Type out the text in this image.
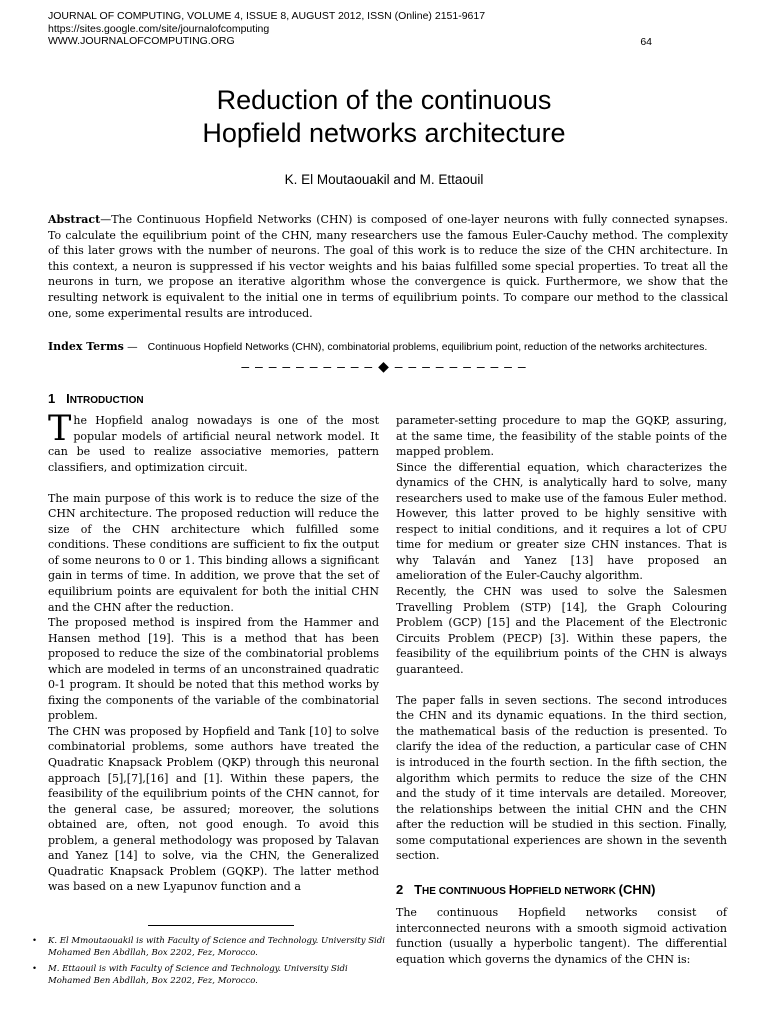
JOURNAL OF COMPUTING, VOLUME 4, ISSUE 8, AUGUST 2012, ISSN (Online) 2151-9617
https://sites.google.com/site/journalofcomputing
WWW.JOURNALOFCOMPUTING.ORG	64
Reduction of the continuous
Hopfield networks architecture
K. El Moutaouakil and M. Ettaouil
Abstract—The Continuous Hopfield Networks (CHN) is composed of one-layer neurons with fully connected synapses. To calculate the equilibrium point of the CHN, many researchers use the famous Euler-Cauchy method. The complexity of this later grows with the number of neurons. The goal of this work is to reduce the size of the CHN architecture. In this context, a neuron is suppressed if his vector weights and his baias fulfilled some special properties. To treat all the neurons in turn, we propose an iterative algorithm whose the convergence is quick. Furthermore, we show that the resulting network is equivalent to the initial one in terms of equilibrium points. To compare our method to the classical one, some experimental results are introduced.
Index Terms — Continuous Hopfield Networks (CHN), combinatorial problems, equilibrium point, reduction of the networks architectures.
– – – – – – – – – – ◆ – – – – – – – – – –
1 INTRODUCTION

The Hopfield analog nowadays is one of the most popular models of artificial neural network model. It can be used to realize associative memories, pattern classifiers, and optimization circuit.

The main purpose of this work is to reduce the size of the CHN architecture. The proposed reduction will reduce the size of the CHN architecture which fulfilled some conditions. These conditions are sufficient to fix the output of some neurons to 0 or 1. This binding allows a significant gain in terms of time. In addition, we prove that the set of equilibrium points are equivalent for both the initial CHN and the CHN after the reduction.

The proposed method is inspired from the Hammer and Hansen method [19]. This is a method that has been proposed to reduce the size of the combinatorial problems which are modeled in terms of an unconstrained quadratic 0-1 program. It should be noted that this method works by fixing the components of the variable of the combinatorial problem.

The CHN was proposed by Hopfield and Tank [10] to solve combinatorial problems, some authors have treated the Quadratic Knapsack Problem (QKP) through this neuronal approach [5],[7],[16] and [1]. Within these papers, the feasibility of the equilibrium points of the CHN cannot, for the general case, be assured; moreover, the solutions obtained are, often, not good enough. To avoid this problem, a general methodology was proposed by Talavan and Yanez [14] to solve, via the CHN, the Generalized Quadratic Knapsack Problem (GQKP). The latter method was based on a new Lyapunov function and a

parameter-setting procedure to map the GQKP, assuring, at the same time, the feasibility of the stable points of the mapped problem.

Since the differential equation, which characterizes the dynamics of the CHN, is analytically hard to solve, many researchers used to make use of the famous Euler method. However, this latter proved to be highly sensitive with respect to initial conditions, and it requires a lot of CPU time for medium or greater size CHN instances. That is why Talaván and Yanez [13] have proposed an amelioration of the Euler-Cauchy algorithm.

Recently, the CHN was used to solve the Salesmen Travelling Problem (STP) [14], the Graph Colouring Problem (GCP) [15] and the Placement of the Electronic Circuits Problem (PECP) [3]. Within these papers, the feasibility of the equilibrium points of the CHN is always guaranteed.

The paper falls in seven sections. The second introduces the CHN and its dynamic equations. In the third section, the mathematical basis of the reduction is presented. To clarify the idea of the reduction, a particular case of CHN is introduced in the fourth section. In the fifth section, the algorithm which permits to reduce the size of the CHN and the study of it time intervals are detailed. Moreover, the relationships between the initial CHN and the CHN after the reduction will be studied in this section. Finally, some computational experiences are shown in the seventh section.

2 THE CONTINUOUS HOPFIELD NETWORK (CHN)

The continuous Hopfield networks consist of interconnected neurons with a smooth sigmoid activation function (usually a hyperbolic tangent). The differential equation which governs the dynamics of the CHN is:

• K. El Mmoutaouakil is with Faculty of Science and Technology. University Sidi Mohamed Ben Abdllah, Box 2202, Fez, Morocco.
• M. Ettaouil is with Faculty of Science and Technology. University Sidi Mohamed Ben Abdllah, Box 2202, Fez, Morocco.
